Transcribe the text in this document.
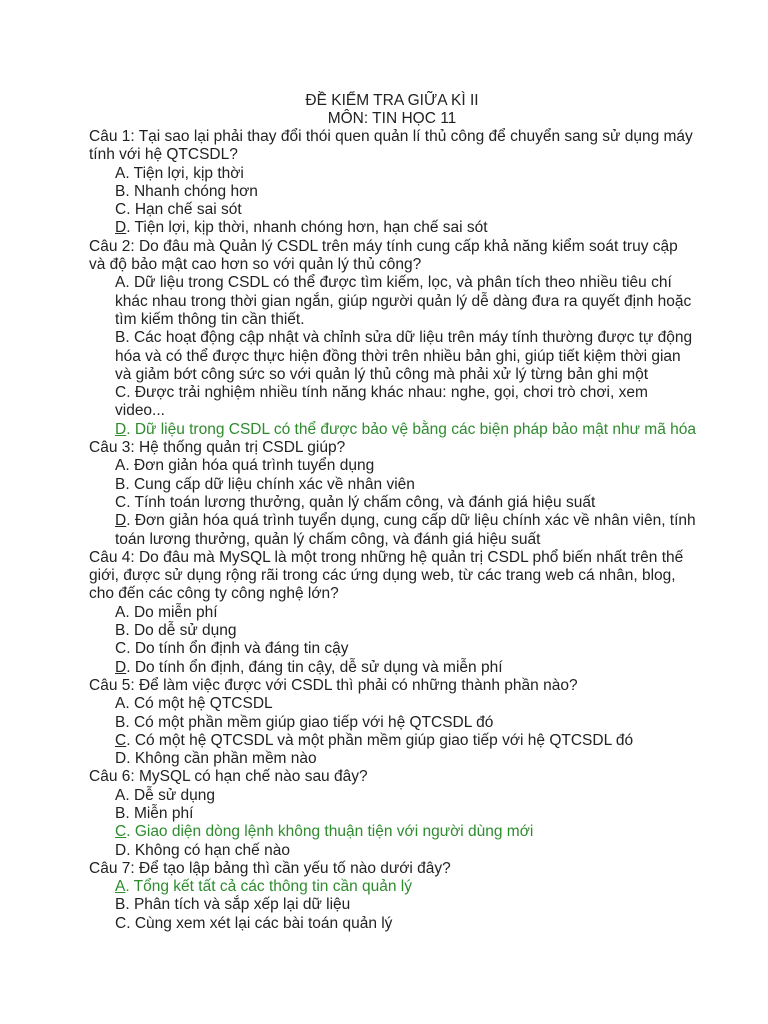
ĐỀ KIỂM TRA GIỮA KÌ II

MÔN: TIN HỌC 11

Câu 1: Tại sao lại phải thay đổi thói quen quản lí thủ công để chuyển sang sử dụng máy tính với hệ QTCSDL?

A. Tiện lợi, kịp thời

B. Nhanh chóng hơn

C. Hạn chế sai sót

D. Tiện lợi, kịp thời, nhanh chóng hơn, hạn chế sai sót

Câu 2: Do đâu mà Quản lý CSDL trên máy tính cung cấp khả năng kiểm soát truy cập và độ bảo mật cao hơn so với quản lý thủ công?

A. Dữ liệu trong CSDL có thể được tìm kiếm, lọc, và phân tích theo nhiều tiêu chí khác nhau trong thời gian ngắn, giúp người quản lý dễ dàng đưa ra quyết định hoặc tìm kiếm thông tin cần thiết.

B. Các hoạt động cập nhật và chỉnh sửa dữ liệu trên máy tính thường được tự động hóa và có thể được thực hiện đồng thời trên nhiều bản ghi, giúp tiết kiệm thời gian và giảm bớt công sức so với quản lý thủ công mà phải xử lý từng bản ghi một

C. Được trải nghiệm nhiều tính năng khác nhau: nghe, gọi, chơi trò chơi, xem video...

D. Dữ liệu trong CSDL có thể được bảo vệ bằng các biện pháp bảo mật như mã hóa

Câu 3: Hệ thống quản trị CSDL giúp?

A. Đơn giản hóa quá trình tuyển dụng

B. Cung cấp dữ liệu chính xác về nhân viên

C. Tính toán lương thưởng, quản lý chấm công, và đánh giá hiệu suất

D. Đơn giản hóa quá trình tuyển dụng, cung cấp dữ liệu chính xác về nhân viên, tính toán lương thưởng, quản lý chấm công, và đánh giá hiệu suất

Câu 4: Do đâu mà MySQL là một trong những hệ quản trị CSDL phổ biến nhất trên thế giới, được sử dụng rộng rãi trong các ứng dụng web, từ các trang web cá nhân, blog, cho đến các công ty công nghệ lớn?

A. Do miễn phí

B. Do dễ sử dụng

C. Do tính ổn định và đáng tin cậy

D. Do tính ổn định, đáng tin cậy, dễ sử dụng và miễn phí

Câu 5: Để làm việc được với CSDL thì phải có những thành phần nào?

A. Có một hệ QTCSDL

B. Có một phần mềm giúp giao tiếp với hệ QTCSDL đó

C. Có một hệ QTCSDL và một phần mềm giúp giao tiếp với hệ QTCSDL đó

D. Không cần phần mềm nào

Câu 6: MySQL có hạn chế nào sau đây?

A. Dễ sử dụng

B. Miễn phí

C. Giao diện dòng lệnh không thuận tiện với người dùng mới

D. Không có hạn chế nào

Câu 7: Để tạo lập bảng thì cần yếu tố nào dưới đây?

A. Tổng kết tất cả các thông tin cần quản lý

B. Phân tích và sắp xếp lại dữ liệu

C. Cùng xem xét lại các bài toán quản lý
